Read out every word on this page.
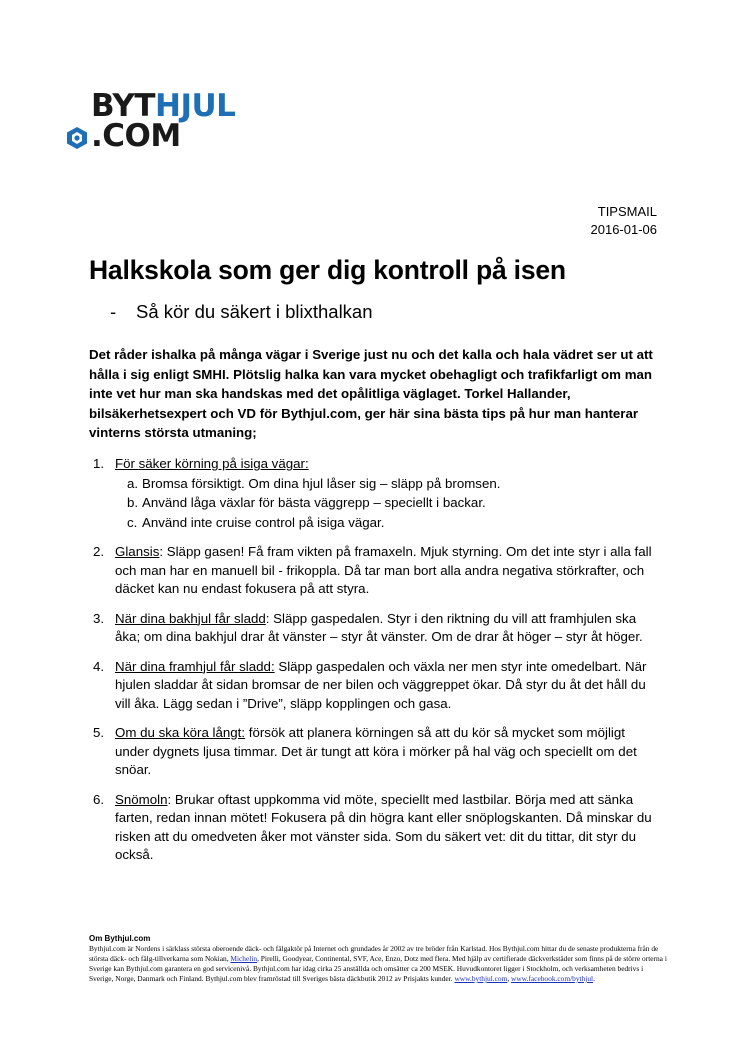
BYTHJUL
.COM
TIPSMAIL
2016-01-06
Halkskola som ger dig kontroll på isen
- Så kör du säkert i blixthalkan

Det råder ishalka på många vägar i Sverige just nu och det kalla och hala vädret ser ut att hålla i sig enligt SMHI. Plötslig halka kan vara mycket obehagligt och trafikfarligt om man inte vet hur man ska handskas med det opålitliga väglaget. Torkel Hallander, bilsäkerhetsexpert och VD för Bythjul.com, ger här sina bästa tips på hur man hanterar vinterns största utmaning;

1. För säker körning på isiga vägar:
a. Bromsa försiktigt. Om dina hjul låser sig – släpp på bromsen.
b. Använd låga växlar för bästa väggrepp – speciellt i backar.
c. Använd inte cruise control på isiga vägar.
2. Glansis: Släpp gasen! Få fram vikten på framaxeln. Mjuk styrning. Om det inte styr i alla fall och man har en manuell bil - frikoppla. Då tar man bort alla andra negativa störkrafter, och däcket kan nu endast fokusera på att styra.
3. När dina bakhjul får sladd: Släpp gaspedalen. Styr i den riktning du vill att framhjulen ska åka; om dina bakhjul drar åt vänster – styr åt vänster. Om de drar åt höger – styr åt höger.
4. När dina framhjul får sladd: Släpp gaspedalen och växla ner men styr inte omedelbart. När hjulen sladdar åt sidan bromsar de ner bilen och väggreppet ökar. Då styr du åt det håll du vill åka. Lägg sedan i ”Drive”, släpp kopplingen och gasa.
5. Om du ska köra långt: försök att planera körningen så att du kör så mycket som möjligt under dygnets ljusa timmar. Det är tungt att köra i mörker på hal väg och speciellt om det snöar.
6. Snömoln: Brukar oftast uppkomma vid möte, speciellt med lastbilar. Börja med att sänka farten, redan innan mötet! Fokusera på din högra kant eller snöplogskanten. Då minskar du risken att du omedveten åker mot vänster sida. Som du säkert vet: dit du tittar, dit styr du också.
Om Bythjul.com
Bythjul.com är Nordens i särklass största oberoende däck- och fälgaktör på Internet och grundades år 2002 av tre bröder från Karlstad. Hos Bythjul.com hittar du de senaste produkterna från de största däck- och fälg-tillverkarna som Nokian, Michelin, Pirelli, Goodyear, Continental, SVF, Ace, Enzo, Dotz med flera. Med hjälp av certifierade däckverkstäder som finns på de större orterna i Sverige kan Bythjul.com garantera en god servicenivå. Bythjul.com har idag cirka 25 anställda och omsätter ca 200 MSEK. Huvudkontoret ligger i Stockholm, och verksamheten bedrivs i Sverige, Norge, Danmark och Finland. Bythjul.com blev framröstad till Sveriges bästa däckbutik 2012 av Prisjakts kunder. www.bythjul.com, www.facebook.com/bythjul.
